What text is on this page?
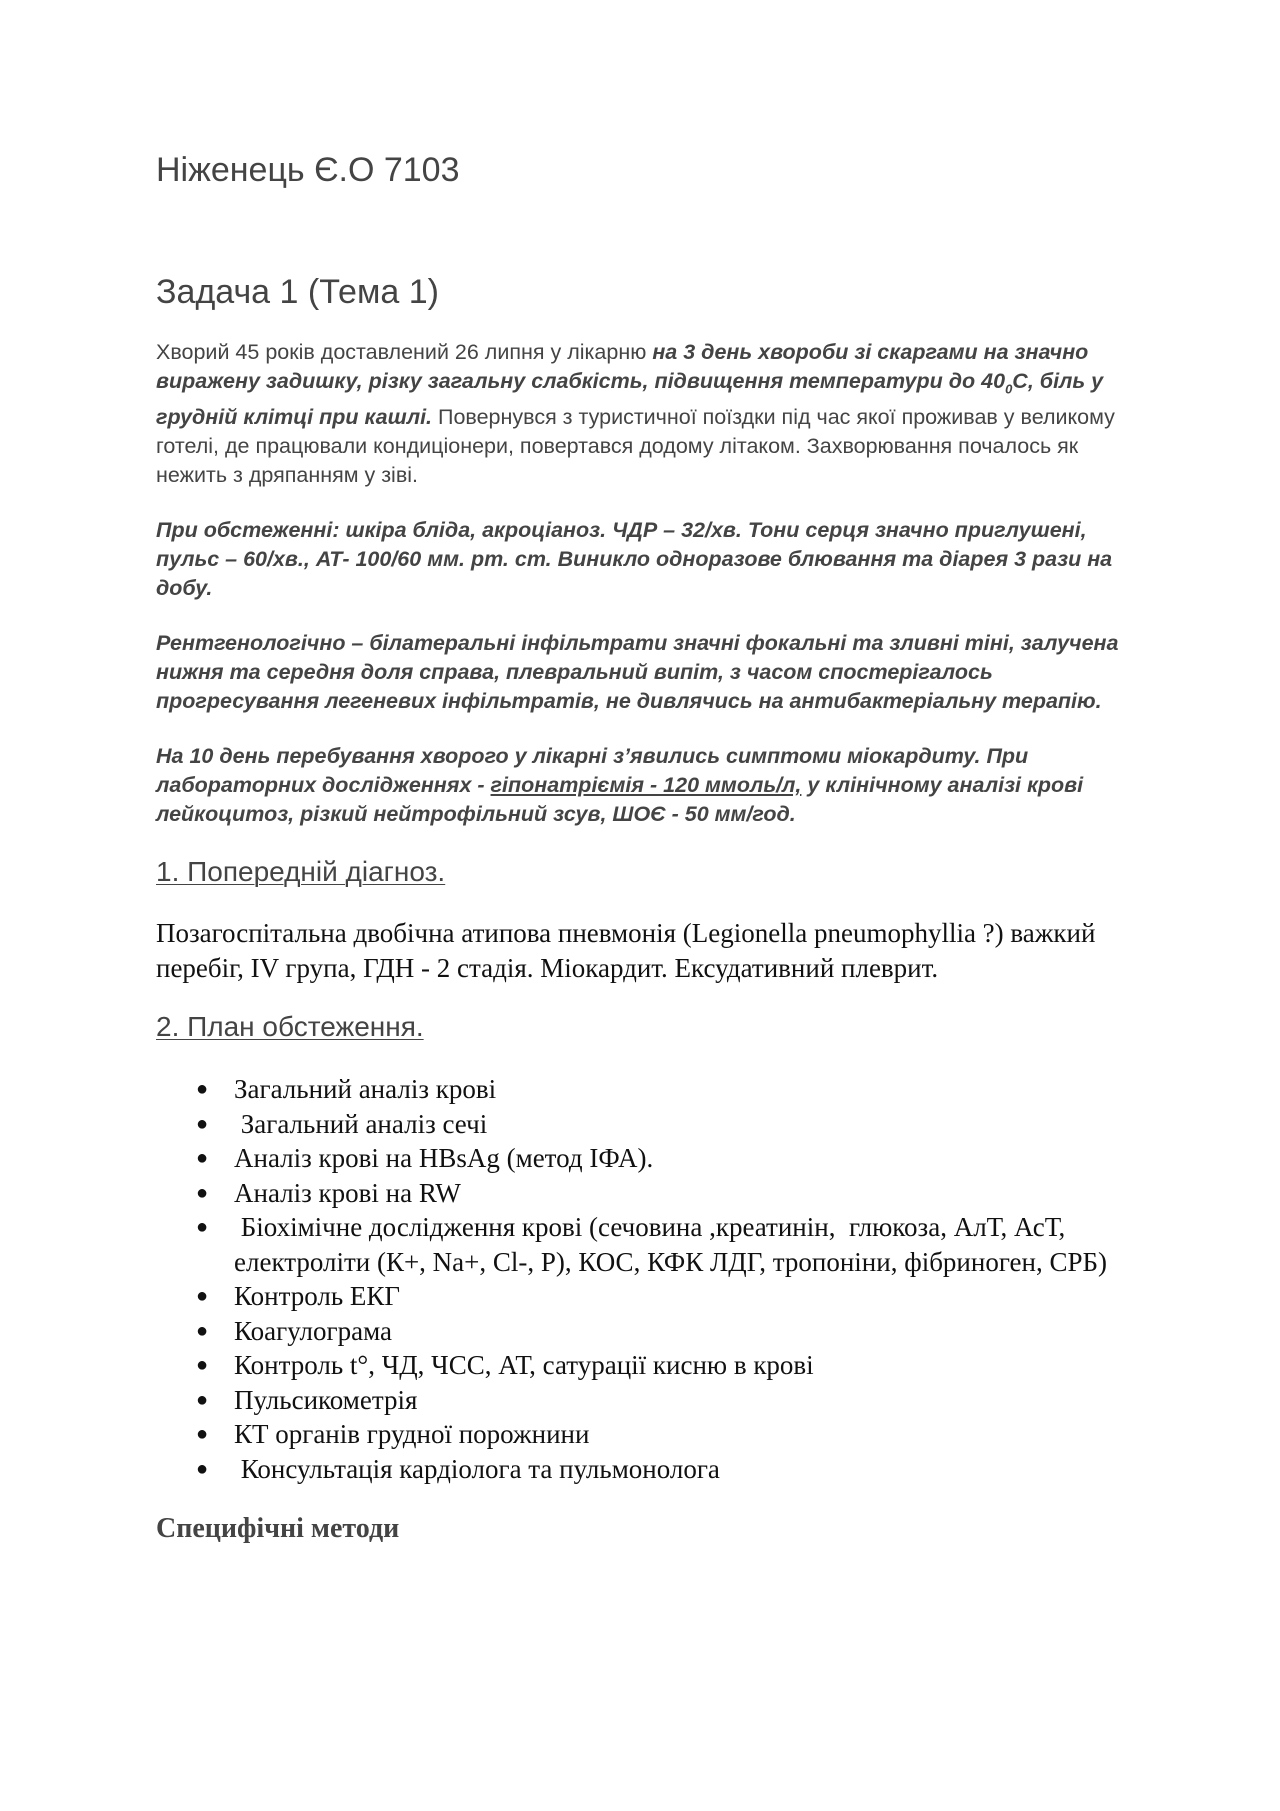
Ніженець Є.О 7103
Задача 1 (Тема 1)

Хворий 45 років доставлений 26 липня у лікарню на 3 день хвороби зі скаргами на значно виражену задишку, різку загальну слабкість, підвищення температури до $40_0С$, біль у грудній клітці при кашлі. Повернувся з туристичної поїздки під час якої проживав у великому готелі, де працювали кондиціонери, повертався додому літаком. Захворювання почалось як нежить з дряпанням у зіві.

При обстеженні: шкіра бліда, акроціаноз. ЧДР – 32/хв. Тони серця значно приглушені, пульс – 60/хв., АТ- 100/60 мм. рт. ст. Виникло одноразове блювання та діарея 3 рази на добу.

Рентгенологічно – білатеральні інфільтрати значні фокальні та зливні тіні, залучена нижня та середня доля справа, плевральний випіт, з часом спостерігалось прогресування легеневих інфільтратів, не дивлячись на антибактеріальну терапію.

На 10 день перебування хворого у лікарні з’явились симптоми міокардиту. При лабораторних дослідженнях - гіпонатріємія - 120 ммоль/л, у клінічному аналізі крові лейкоцитоз, різкий нейтрофільний зсув, ШОЄ - 50 мм/год.

1. Попередній діагноз.

Позагоспітальна двобічна атипова пневмонія (Legionella pneumophyllia ?) важкий перебіг, IV група, ГДН - 2 стадія. Міокардит. Ексудативний плеврит.

2. План обстеження.
● Загальний аналіз крові
● Загальний аналіз сечі
● Аналіз крові на HBsAg (метод ІФА).
● Аналіз крові на RW
● Біохімічне дослідження крові (сечовина ,креатинін,  глюкоза, АлТ, АсТ, електроліти (К+, Na+, Cl-, P), КОС, КФК ЛДГ, тропоніни, фібриноген, СРБ)
● Контроль ЕКГ
● Коагулограма
● Контроль t°, ЧД, ЧСС, АТ, сатурації кисню в крові
● Пульсикометрія
● КТ органів грудної порожнини
● Консультація кардіолога та пульмонолога

Специфічні методи
